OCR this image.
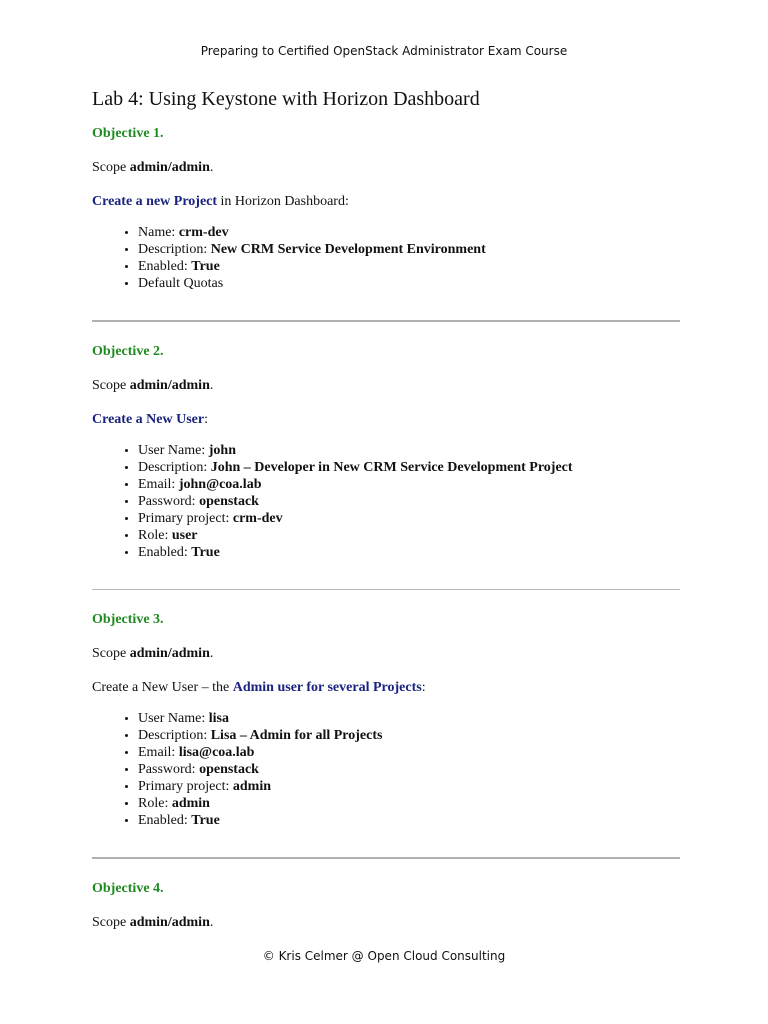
Preparing to Certified OpenStack Administrator Exam Course
Lab 4: Using Keystone with Horizon Dashboard

Objective 1.

Scope admin/admin.

Create a new Project in Horizon Dashboard:

• Name: crm-dev
• Description: New CRM Service Development Environment
• Enabled: True
• Default Quotas

Objective 2.

Scope admin/admin.

Create a New User:

• User Name: john
• Description: John – Developer in New CRM Service Development Project
• Email: john@coa.lab
• Password: openstack
• Primary project: crm-dev
• Role: user
• Enabled: True

Objective 3.

Scope admin/admin.

Create a New User – the Admin user for several Projects:

• User Name: lisa
• Description: Lisa – Admin for all Projects
• Email: lisa@coa.lab
• Password: openstack
• Primary project: admin
• Role: admin
• Enabled: True

Objective 4.

Scope admin/admin.

© Kris Celmer @ Open Cloud Consulting
